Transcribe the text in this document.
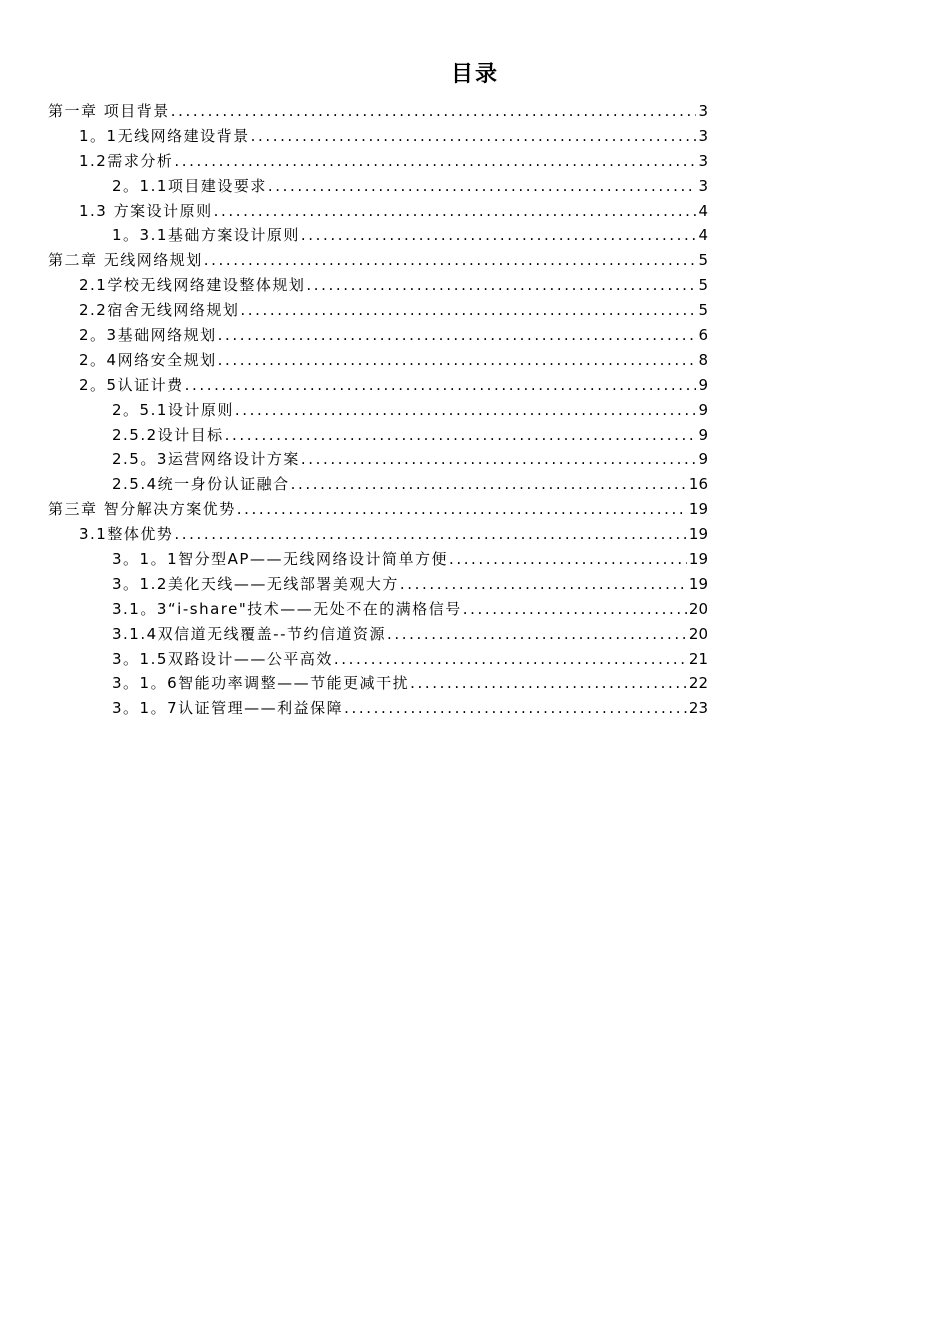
目录
第一章 项目背景 .....	3
1。1无线网络建设背景 .....	3
1.2需求分析 .....	3
2。1.1项目建设要求 .....	3
1.3 方案设计原则 .....	4
1。3.1基础方案设计原则 .....	4
第二章 无线网络规划 .....	5
2.1学校无线网络建设整体规划 .....	5
2.2宿舍无线网络规划 .....	5
2。3基础网络规划 .....	6
2。4网络安全规划 .....	8
2。5认证计费 .....	9
2。5.1设计原则 .....	9
2.5.2设计目标 .....	9
2.5。3运营网络设计方案 .....	9
2.5.4统一身份认证融合 .....	16
第三章 智分解决方案优势 .....	19
3.1整体优势 .....	19
3。1。1智分型AP——无线网络设计简单方便 .....	19
3。1.2美化天线——无线部署美观大方 .....	19
3.1。3“i-share"技术——无处不在的满格信号 .....	20
3.1.4双信道无线覆盖--节约信道资源 .....	20
3。1.5双路设计——公平高效 .....	21
3。1。6智能功率调整——节能更减干扰 .....	22
3。1。7认证管理——利益保障 .....	23
